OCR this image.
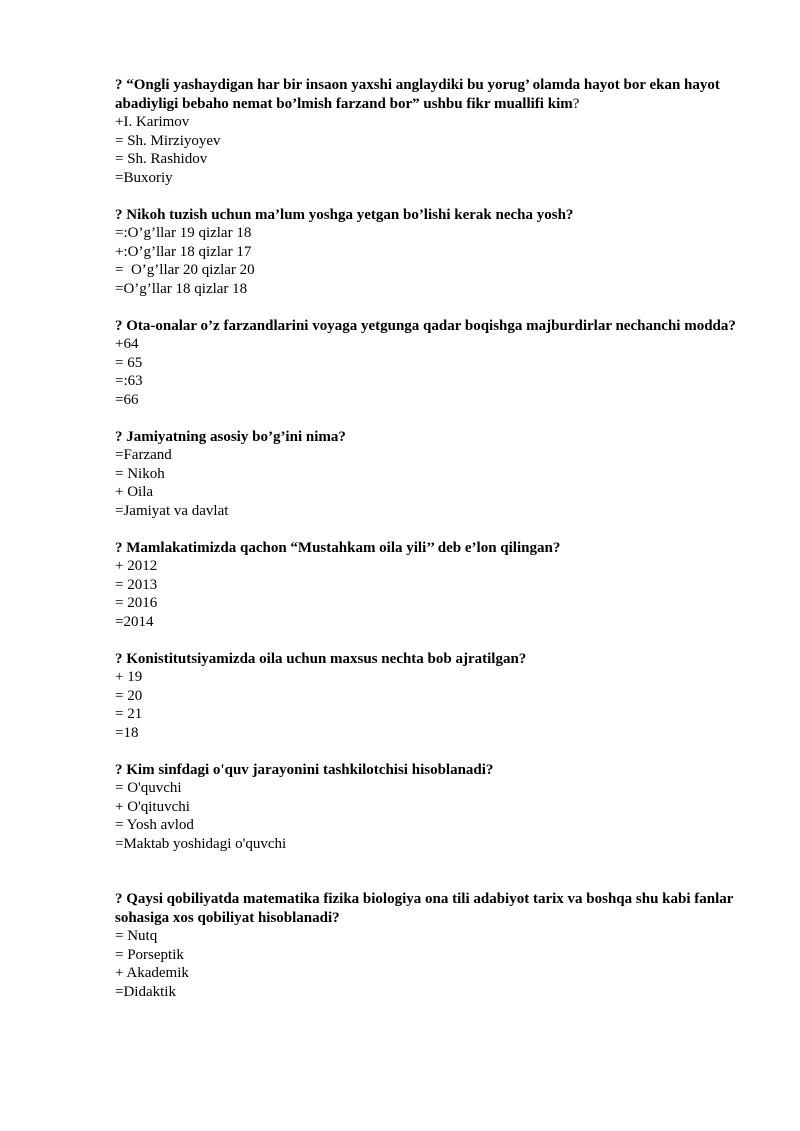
? “Ongli yashaydigan har bir insaon yaxshi anglaydiki bu yorug’ olamda hayot bor ekan hayot abadiyligi bebaho nemat bo’lmish farzand bor” ushbu fikr muallifi kim?

+I. Karimov

= Sh. Mirziyoyev

= Sh. Rashidov

=Buxoriy

? Nikoh tuzish uchun ma’lum yoshga yetgan bo’lishi kerak necha yosh?

=:O’g’llar 19 qizlar 18

+:O’g’llar 18 qizlar 17

=  O’g’llar 20 qizlar 20

=O’g’llar 18 qizlar 18

? Ota-onalar o’z farzandlarini voyaga yetgunga qadar boqishga majburdirlar nechanchi modda?

+64

= 65

=:63

=66

? Jamiyatning asosiy bo’g’ini nima?

=Farzand

= Nikoh

+ Oila

=Jamiyat va davlat

? Mamlakatimizda qachon “Mustahkam oila yili’’ deb e’lon qilingan?

+ 2012

= 2013

= 2016

=2014

? Konistitutsiyamizda oila uchun maxsus nechta bob ajratilgan?

+ 19

= 20

= 21

=18

? Kim sinfdagi o'quv jarayonini tashkilotchisi hisoblanadi?

= O'quvchi

+ O'qituvchi

= Yosh avlod

=Maktab yoshidagi o'quvchi

? Qaysi qobiliyatda matematika fizika biologiya ona tili adabiyot tarix va boshqa shu kabi fanlar sohasiga xos qobiliyat hisoblanadi?

= Nutq

= Porseptik

+ Akademik

=Didaktik
